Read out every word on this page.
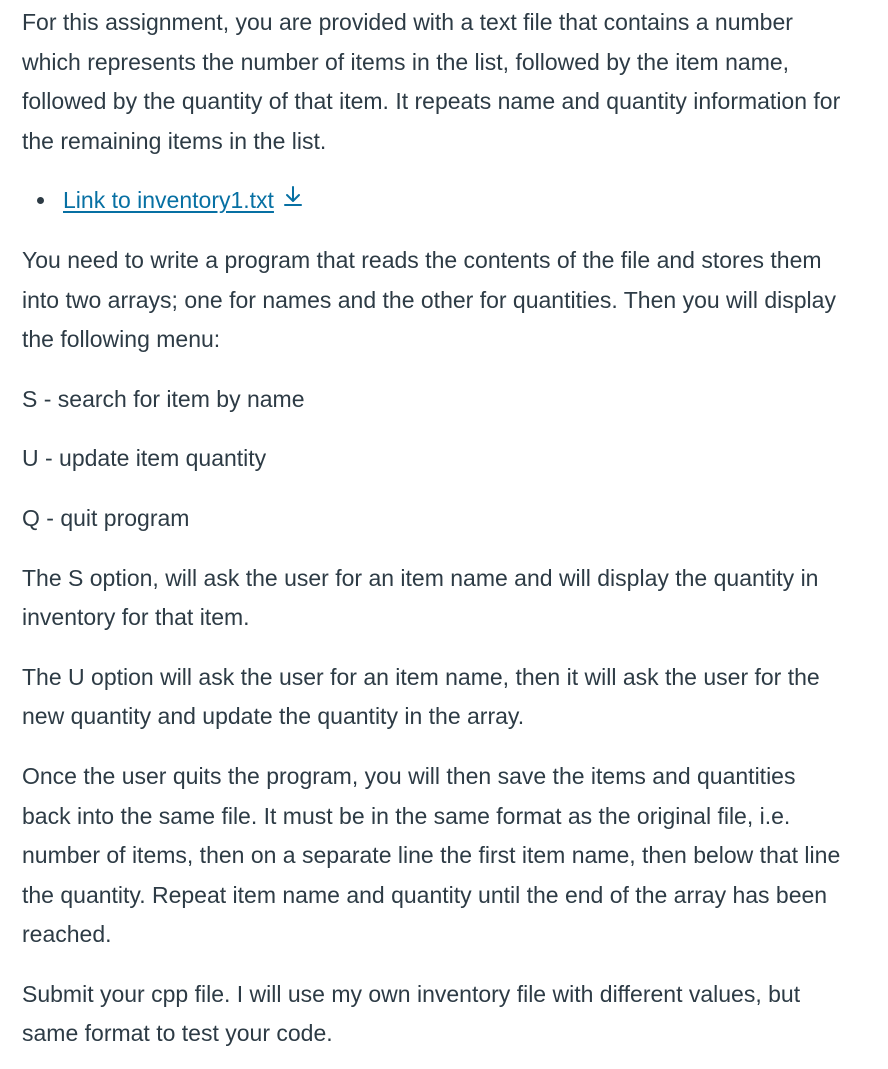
For this assignment, you are provided with a text file that contains a number which represents the number of items in the list, followed by the item name, followed by the quantity of that item. It repeats name and quantity information for the remaining items in the list.

Link to inventory1.txt

You need to write a program that reads the contents of the file and stores them into two arrays; one for names and the other for quantities. Then you will display the following menu:

S - search for item by name

U - update item quantity

Q - quit program

The S option, will ask the user for an item name and will display the quantity in inventory for that item.

The U option will ask the user for an item name, then it will ask the user for the new quantity and update the quantity in the array.

Once the user quits the program, you will then save the items and quantities back into the same file. It must be in the same format as the original file, i.e. number of items, then on a separate line the first item name, then below that line the quantity. Repeat item name and quantity until the end of the array has been reached.

Submit your cpp file. I will use my own inventory file with different values, but same format to test your code.
